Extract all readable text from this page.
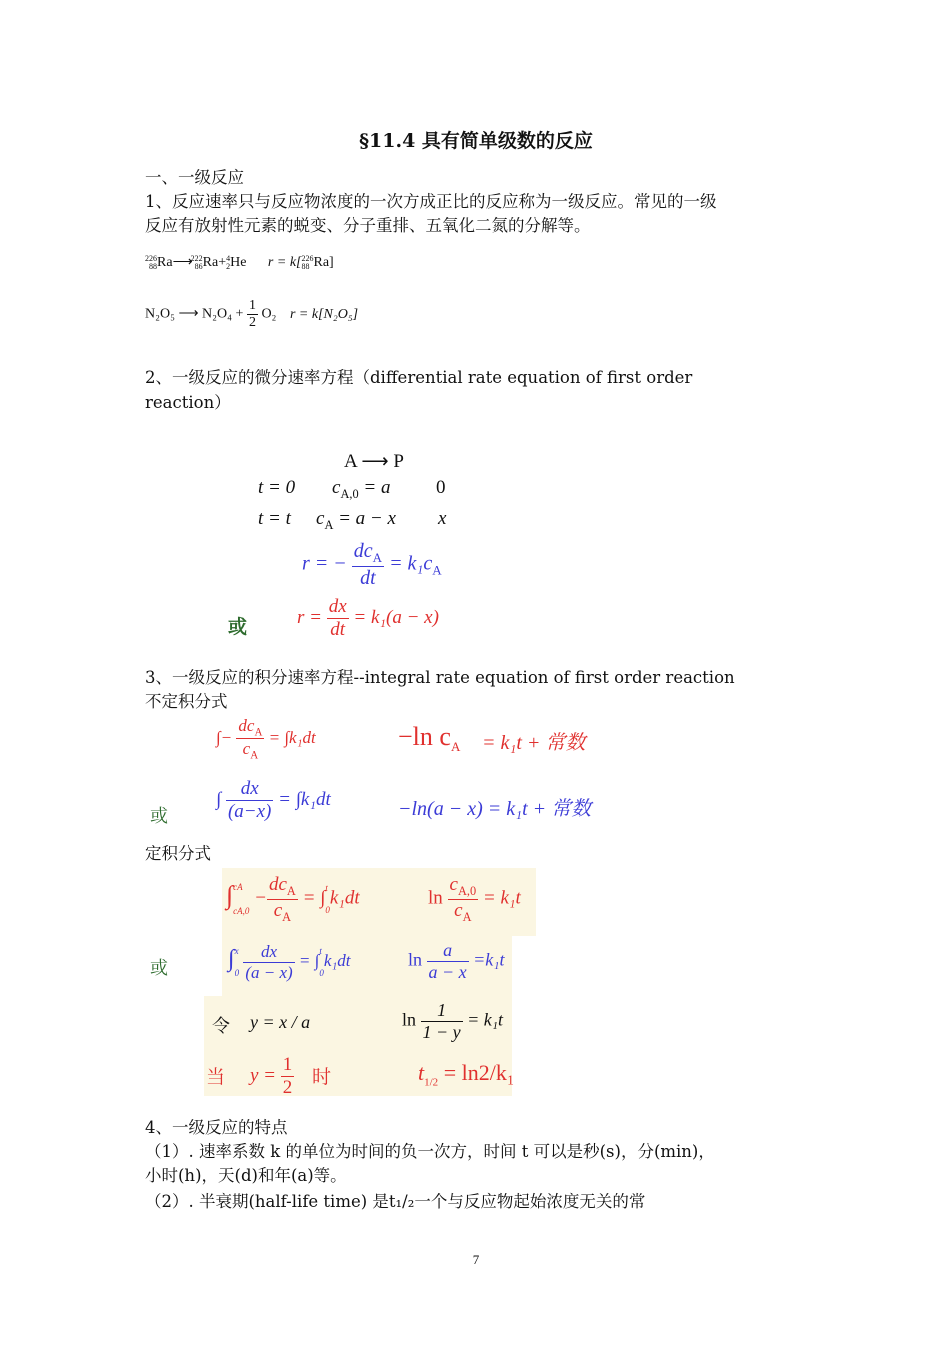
§11.4 具有简单级数的反应
一、一级反应
1、反应速率只与反应物浓度的一次方成正比的反应称为一级反应。常见的一级
反应有放射性元素的蜕变、分子重排、五氧化二氮的分解等。
226
88Ra⟶222
86Ra+4
2He r = k[226
88 Ra]
N₂O₅ ⟶ $N_2O_4 + \frac{1}{2} O_2$ r = k[N₂O₅]
2、一级反应的微分速率方程（differential rate equation of first order
reaction）
A ⟶ P
t = 0 $c_{A,0} = a$ 0
t = t $c_A = a - x$ x
r = − $\frac{dc_A}{dt} = k_1c_A$
或	$r = \frac{dx}{dt} = k_1(a - x)$
3、一级反应的积分速率方程--integral rate equation of first order reaction
不定积分式
∫− $\frac{dc_A}{c_A} = \int k_1dt$	−ln $c_A = k_1t$ + 常数
或
∫ $\frac{dx}{(a-x)} = \int k_1dt$	−ln(a − x) = k₁t + 常数
定积分式
∫cA
$cA,0 - \frac{dc_A}{c_A} = \int t$
0k₁dt	$\ln \frac{c_{A,0}}{c_A} = k_1t$
或	∫x
$0 \frac{dx}{(a - x)} = \int t$
0k₁dt	$\ln \frac{a}{a - x} =k_1t$
令 y = x / a	$\ln \frac{1}{1 - y} = k_1t$
当 $y = \frac{1}{2}$ 时	$t_{1/2} = \ln 2/k_1$
4、一级反应的特点
（1）. 速率系数 k 的单位为时间的负一次方，时间 t 可以是秒(s)，分(min)，
小时(h)，天(d)和年(a)等。
（2）. 半衰期(half-life time) 是t₁/₂一个与反应物起始浓度无关的常
7
